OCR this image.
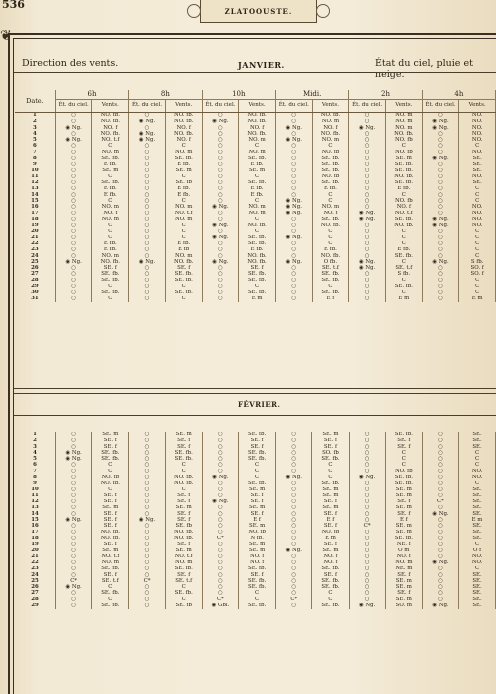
536	ZLATOOUSTE.
❦
Direction des vents.	JANVIER.	État du ciel, pluie et neige.
Date.	6h		8h		10h		Midi.		2h		4h	
	Ét. du ciel.	Vents.	Ét. du ciel.	Vents.	Ét. du ciel.	Vents.	Ét. du ciel.	Vents.	Ét. du ciel.	Vents.	Ét. du ciel.	Vents.
1	○	NO. fb.	○	NO. fb.	○	NO. fb.	○	NO. fb.	○	NO. m	○	NO.
2	○	NO. fb.	◉ Ng.	NO. fb.	◉ Ng.	NO. fb.	○	NO. m	○	NO. m	◉ Ng.	NO.
3	◉ Ng.	NO. f	○	NO. f	○	NO. f	◉ Ng.	NO. f	◉ Ng.	NO. m	◉ Ng.	NO.
4	○	NO. fb.	◉ Ng.	NO. fb.	○	NO. fb.	○	NO. fb.	○	NO. fb.	○	NO.
5	◉ Ng.	NO. t.f	◉ Ng.	NO. f	○	NO. m	◉ Ng.	NO. m	○	NO. fb	○	NO.
6	○	C	○	C	○	C	○	C	○	C	○	C
7	○	NO. m	○	NO. m	○	NO. m	○	NO. fb	○	NO. fb	○	NO.
8	○	SE. fb.	○	SE. fb.	○	SE. fb.	○	SE. fb.	○	SE. m	◉ Ng.	SE.
9	○	E fb.	○	E fb.	○	E fb.	○	SE. fb.	○	SE. fb.	○	SE.
10	○	SE. m	○	SE. m	○	SE. m	○	SE. fb.	○	SE. fb.	○	SE.
11	○	C	○	C	○	C	○	NO. fb	○	NO. fb.	○	NO.
12	○	SE. fb.	○	SE. fb	○	SE. fb.	○	SE. fb.	○	SE. fb.	○	SE.
13	○	E fb.	○	E fb.	○	E fb.	○	E fb.	○	E fb.	○	C
14	○	E fb.	○	E fb.	○	E fb.	○	C	○	C	○	C
15	○	C	○	C	○	C	◉ Ng.	C	○	NO. fb	○	C
16	○	NO. m	○	NO. m	◉ Ng.	NO. m	◉ Ng.	NO. m	○	NO. f	○	NO.
17	○	NO. f	○	NO. t.f	○	NO. m	◉ Ng.	NO. f	◉ Ng.	NO. t.f	○	NO.
18	○	NO. m	○	NO. m	○	C	○	SE. fb.	◉ Ng.	SE. fb.	◉ Ng.	NO.
19	○	C	○	C	◉ Ng.	NO. fb.	○	NO. fb.	○	NO. fb.	◉ Ng.	NO.
20	○	C	○	C	○	C	○	C	○	C	○	C
21	○	C	○	C	◉ Ng.	SE. fb.	◉ Ng.	C	○	C	○	C
22	○	E fb.	○	E fb.	○	SE. fb.	○	C	○	C	○	C
23	○	E fb.	○	E fb	○	E fb.	○	E fb.	○	E fb.	○	C
24	○	NO. m	○	NO. m	○	NO. fb.	○	NO. fb.	○	SE. fb.	○	C
25	◉ Ng.	NO. fb.	◉ Ng.	NO. fb.	◉ Ng.	NO. fb.	◉ Ng.	O fb.	◉ Ng.	C	◉ Ng.	S fb.
26	○	SE. f	○	SE. f	○	SE. f	○	SE. t.f	◉ Ng.	SE. t.f	○	SO. f
27	○	SE. fb.	○	SE. fb.	○	SE. fb.	○	SE. fb.	○	S fb.	○	SO. f
28	○	SE. fb.	○	SE. fb.	○	SE. fb.	○	SE. fb.	○	C	○	C
29	○	C	○	C	○	C	○	C	○	SE. fb.	○	C
30	○	SE. fb.	○	SE. fb.	○	SE. fb.	○	SE. fb.	○	C	○	C
31	○	C	○	C	○	E m	○	E f	○	E m	○	E m
FÉVRIER.

1	○	SE. m	○	SE. m	○	SE. fb.	○	SE. m	○	SE. fb.	○	SE.
2	○	SE. f	○	SE. f	○	SE. f	○	SE. f	○	SE. f	○	SE.
3	○	SE. f	○	SE. f	○	SE. f	○	SE. f	○	SE. f	○	SE.
4	◉ Ng.	SE. fb.	○	SE. fb.	○	SE. fb.	○	SO. fb	○	C	○	C
5	◉ Ng.	SE. fb.	○	SE. fb.	○	SE. fb.	○	SE. fb.	○	C	○	C
6	○	C	○	C	○	C	○	C	○	C	○	C
7	○	C	○	C	○	C	○	C	○	NO. fb	○	NO.
8	○	NO. fb	○	NO. fb.	◉ Ng.	C	◉ Ng.	C	◉ Ng.	SE. fb.	○	NO.
9	○	NO. fb.	○	NO. fb.	○	SE. fb.	○	SE. fb.	○	SE. fb.	○	C
10	○	C	○	C	○	SE. m	○	SE. m	○	SE. m	○	SE.
11	○	SE. f	○	SE. f	○	SE. f	○	SE. m	○	SE. m	○	SE.
12	○	SE. f	○	SE. f	◉ Ng.	SE. f	○	SE. f	○	SE. f	C*	SE.
13	○	SE. m	○	SE. m	○	SE. m	○	SE. m	○	SE. m	○	SE.
14	○	SE. f	○	SE. f	○	SE. f	○	SE. f	○	SE. f	◉ Ng.	SE.
15	◉ Ng.	SE. f	◉ Ng.	SE. f	○	E f	○	E f	○	E f	○	E m
16	○	SE. f	○	SE. fb	○	SE. m	○	SE. f	C*	SE. m	○	SE.
17	○	NO. fb.	○	NO. fb.	○	NO. fb	○	NO. fb	○	SE. m	○	SE.
18	○	NO. fb.	○	NO. fb.	C*	N fb.	○	E m	○	SE. fb.	○	SE.
19	○	SE. f	○	SE. f	○	SE. m	○	SE. f	○	NE. f	○	C
20	○	SE. m	○	SE. m	○	SE. m	◉ Ng.	SE. m	○	O m	○	O f
21	○	NO. t.f	○	NO. t.f	○	NO. f	○	NO. f	○	NO. f	○	NO.
22	○	NO. m	○	NO. m	○	NO. f	○	NO. f	○	NO. m	◉ Ng.	NO.
23	○	SE. fb.	○	SE. fb.	○	SE. fb.	○	SE. fb.	○	NE. m	○	C
24	○	SE. f	○	SE. f	○	SE. f	○	SE. f	○	SE. f	○	SE.
25	C*	SE. t.f	C*	SE. t.f	○	SE. fb.	○	SE. fb.	○	SE. m	○	SE.
26	◉ Ng.	C	○	C	○	SE. fb.	○	SE. fb.	○	SE. m	○	SE.
27	○	SE. fb.	○	SE. fb.	○	C	○	C	○	SE. f	○	SE.
28	○	C	○	C	C*	C	C*	C	○	SE. m	○	SE.
29	○	SE. fb.	○	SE. fb	◉ Gbl.	SE. fb.	○	SE. fb.	◉ Ng.	SO. m	◉ Ng.	SE.
